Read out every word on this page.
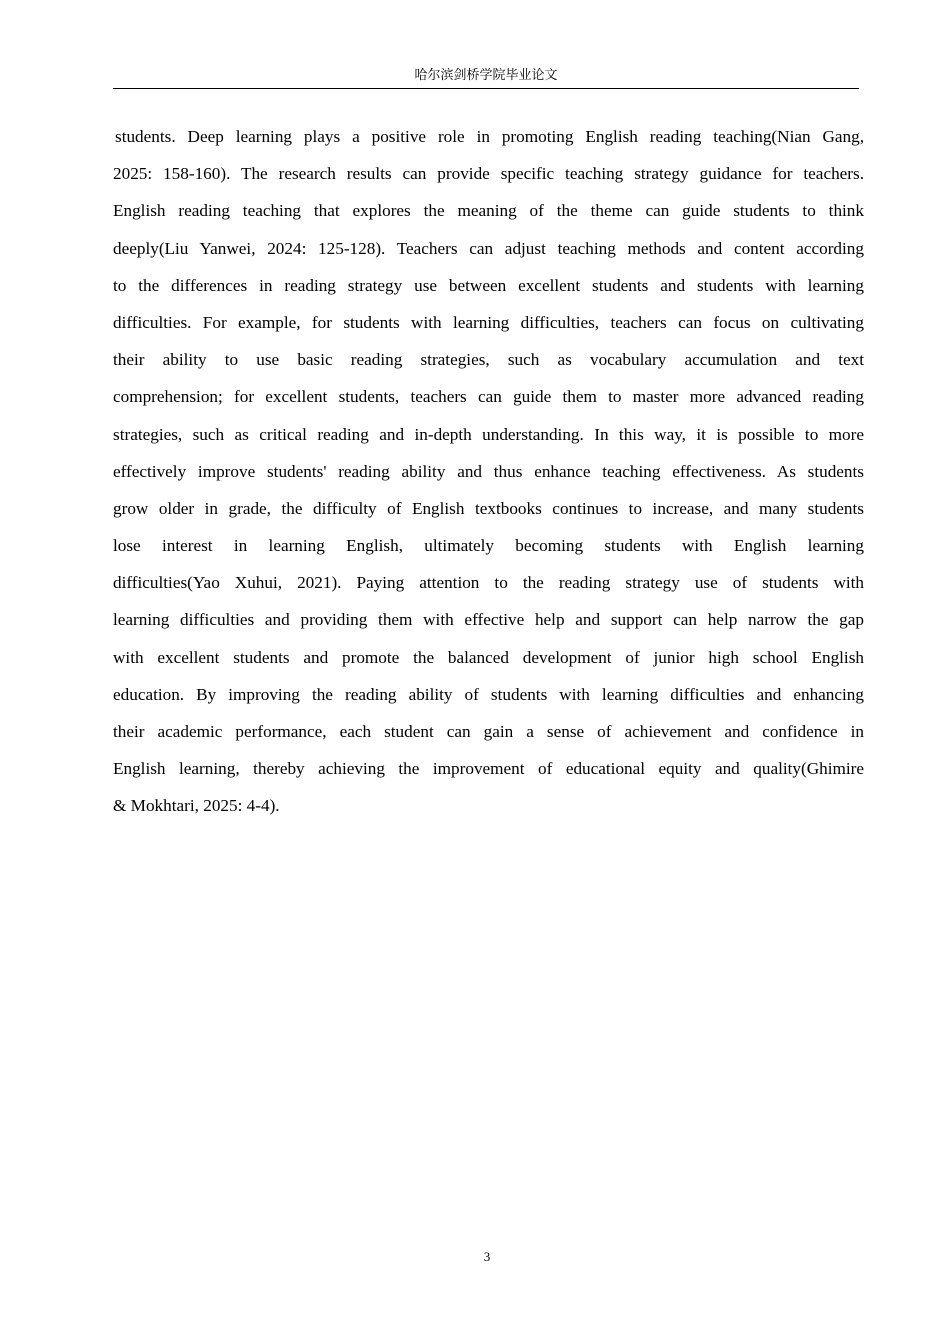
哈尔滨剑桥学院毕业论文
students. Deep learning plays a positive role in promoting English reading teaching(Nian Gang,
2025: 158-160). The research results can provide specific teaching strategy guidance for teachers.
English reading teaching that explores the meaning of the theme can guide students to think
deeply(Liu Yanwei, 2024: 125-128). Teachers can adjust teaching methods and content according
to the differences in reading strategy use between excellent students and students with learning
difficulties. For example, for students with learning difficulties, teachers can focus on cultivating
their ability to use basic reading strategies, such as vocabulary accumulation and text
comprehension; for excellent students, teachers can guide them to master more advanced reading
strategies, such as critical reading and in-depth understanding. In this way, it is possible to more
effectively improve students' reading ability and thus enhance teaching effectiveness. As students
grow older in grade, the difficulty of English textbooks continues to increase, and many students
lose interest in learning English, ultimately becoming students with English learning
difficulties(Yao Xuhui, 2021). Paying attention to the reading strategy use of students with
learning difficulties and providing them with effective help and support can help narrow the gap
with excellent students and promote the balanced development of junior high school English
education. By improving the reading ability of students with learning difficulties and enhancing
their academic performance, each student can gain a sense of achievement and confidence in
English learning, thereby achieving the improvement of educational equity and quality(Ghimire
& Mokhtari, 2025: 4-4).
3
